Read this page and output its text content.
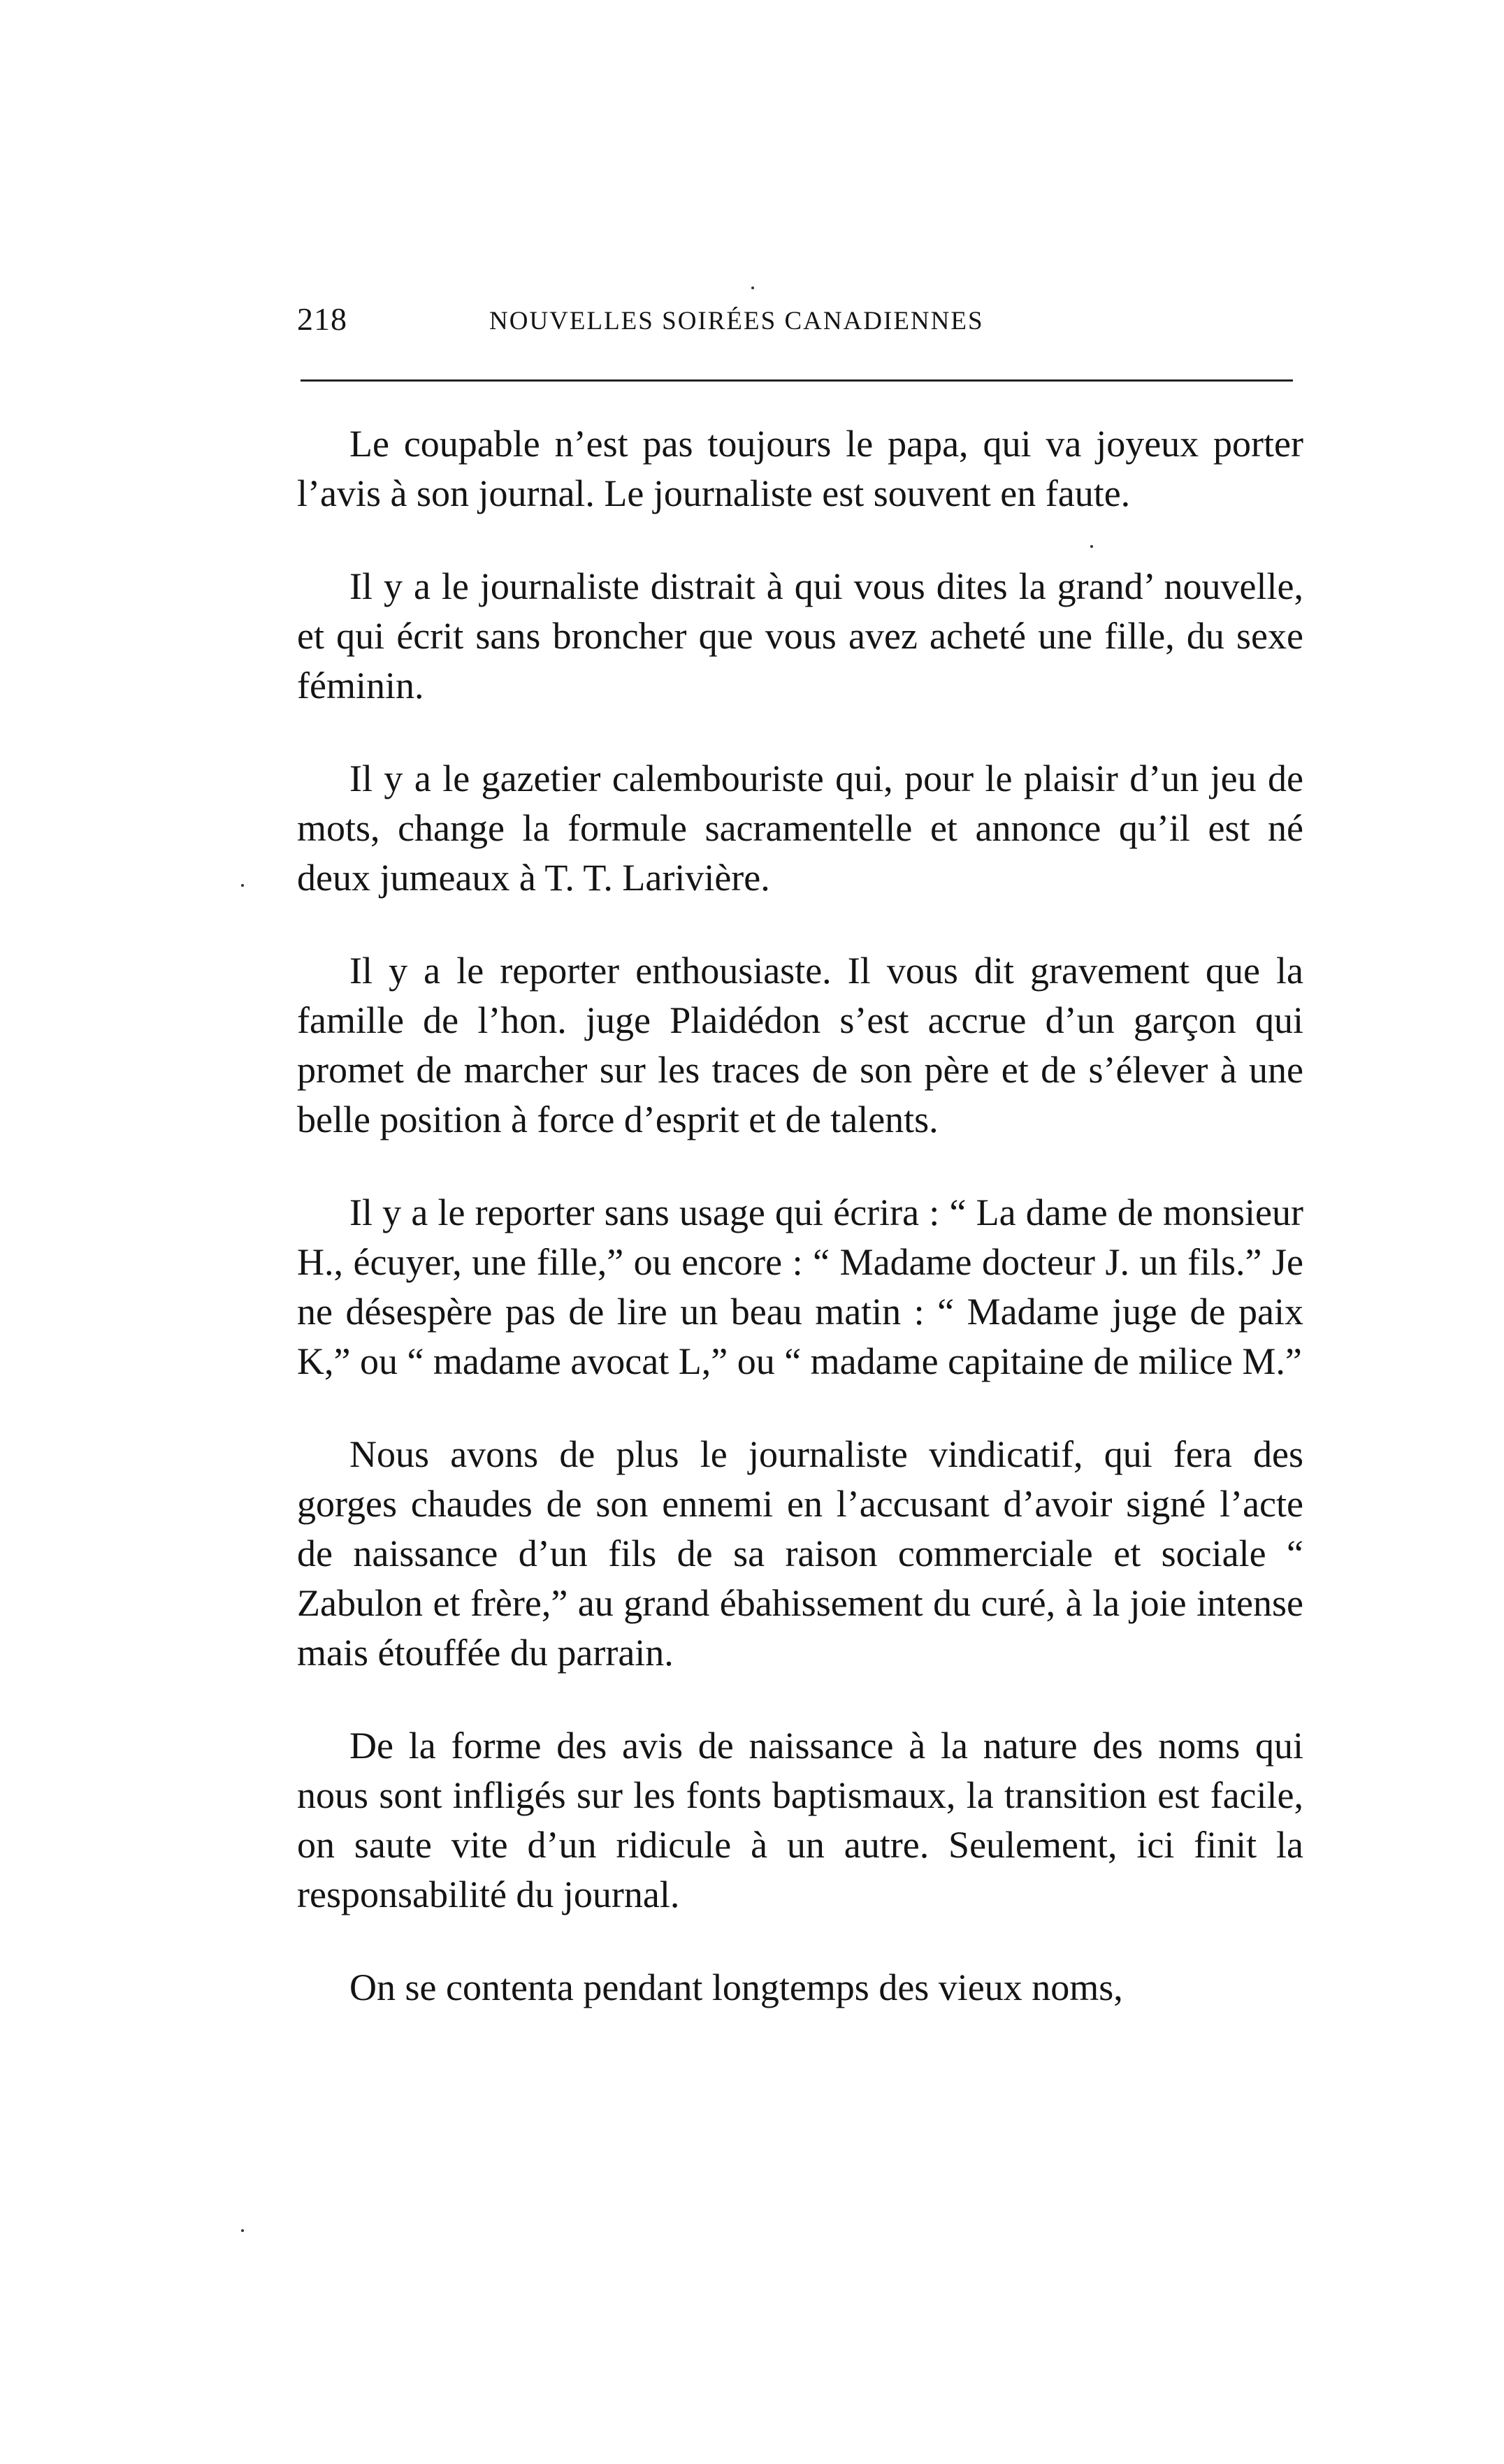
218	NOUVELLES SOIRÉES CANADIENNES

Le coupable n’est pas toujours le papa, qui va joyeux porter l’avis à son journal. Le journaliste est souvent en faute.

Il y a le journaliste distrait à qui vous dites la grand’ nouvelle, et qui écrit sans broncher que vous avez acheté une fille, du sexe féminin.

Il y a le gazetier calembouriste qui, pour le plaisir d’un jeu de mots, change la formule sacramentelle et annonce qu’il est né deux jumeaux à T. T. Larivière.

Il y a le reporter enthousiaste. Il vous dit gravement que la famille de l’hon. juge Plaidédon s’est accrue d’un garçon qui promet de marcher sur les traces de son père et de s’élever à une belle position à force d’esprit et de talents.

Il y a le reporter sans usage qui écrira : “ La dame de monsieur H., écuyer, une fille,” ou encore : “ Madame docteur J. un fils.” Je ne désespère pas de lire un beau matin : “ Madame juge de paix K,” ou “ madame avocat L,” ou “ madame capitaine de milice M.”

Nous avons de plus le journaliste vindicatif, qui fera des gorges chaudes de son ennemi en l’accusant d’avoir signé l’acte de naissance d’un fils de sa raison commerciale et sociale “ Zabulon et frère,” au grand ébahissement du curé, à la joie intense mais étouffée du parrain.

De la forme des avis de naissance à la nature des noms qui nous sont infligés sur les fonts baptismaux, la transition est facile, on saute vite d’un ridicule à un autre. Seulement, ici finit la responsabilité du journal.

On se contenta pendant longtemps des vieux noms,
